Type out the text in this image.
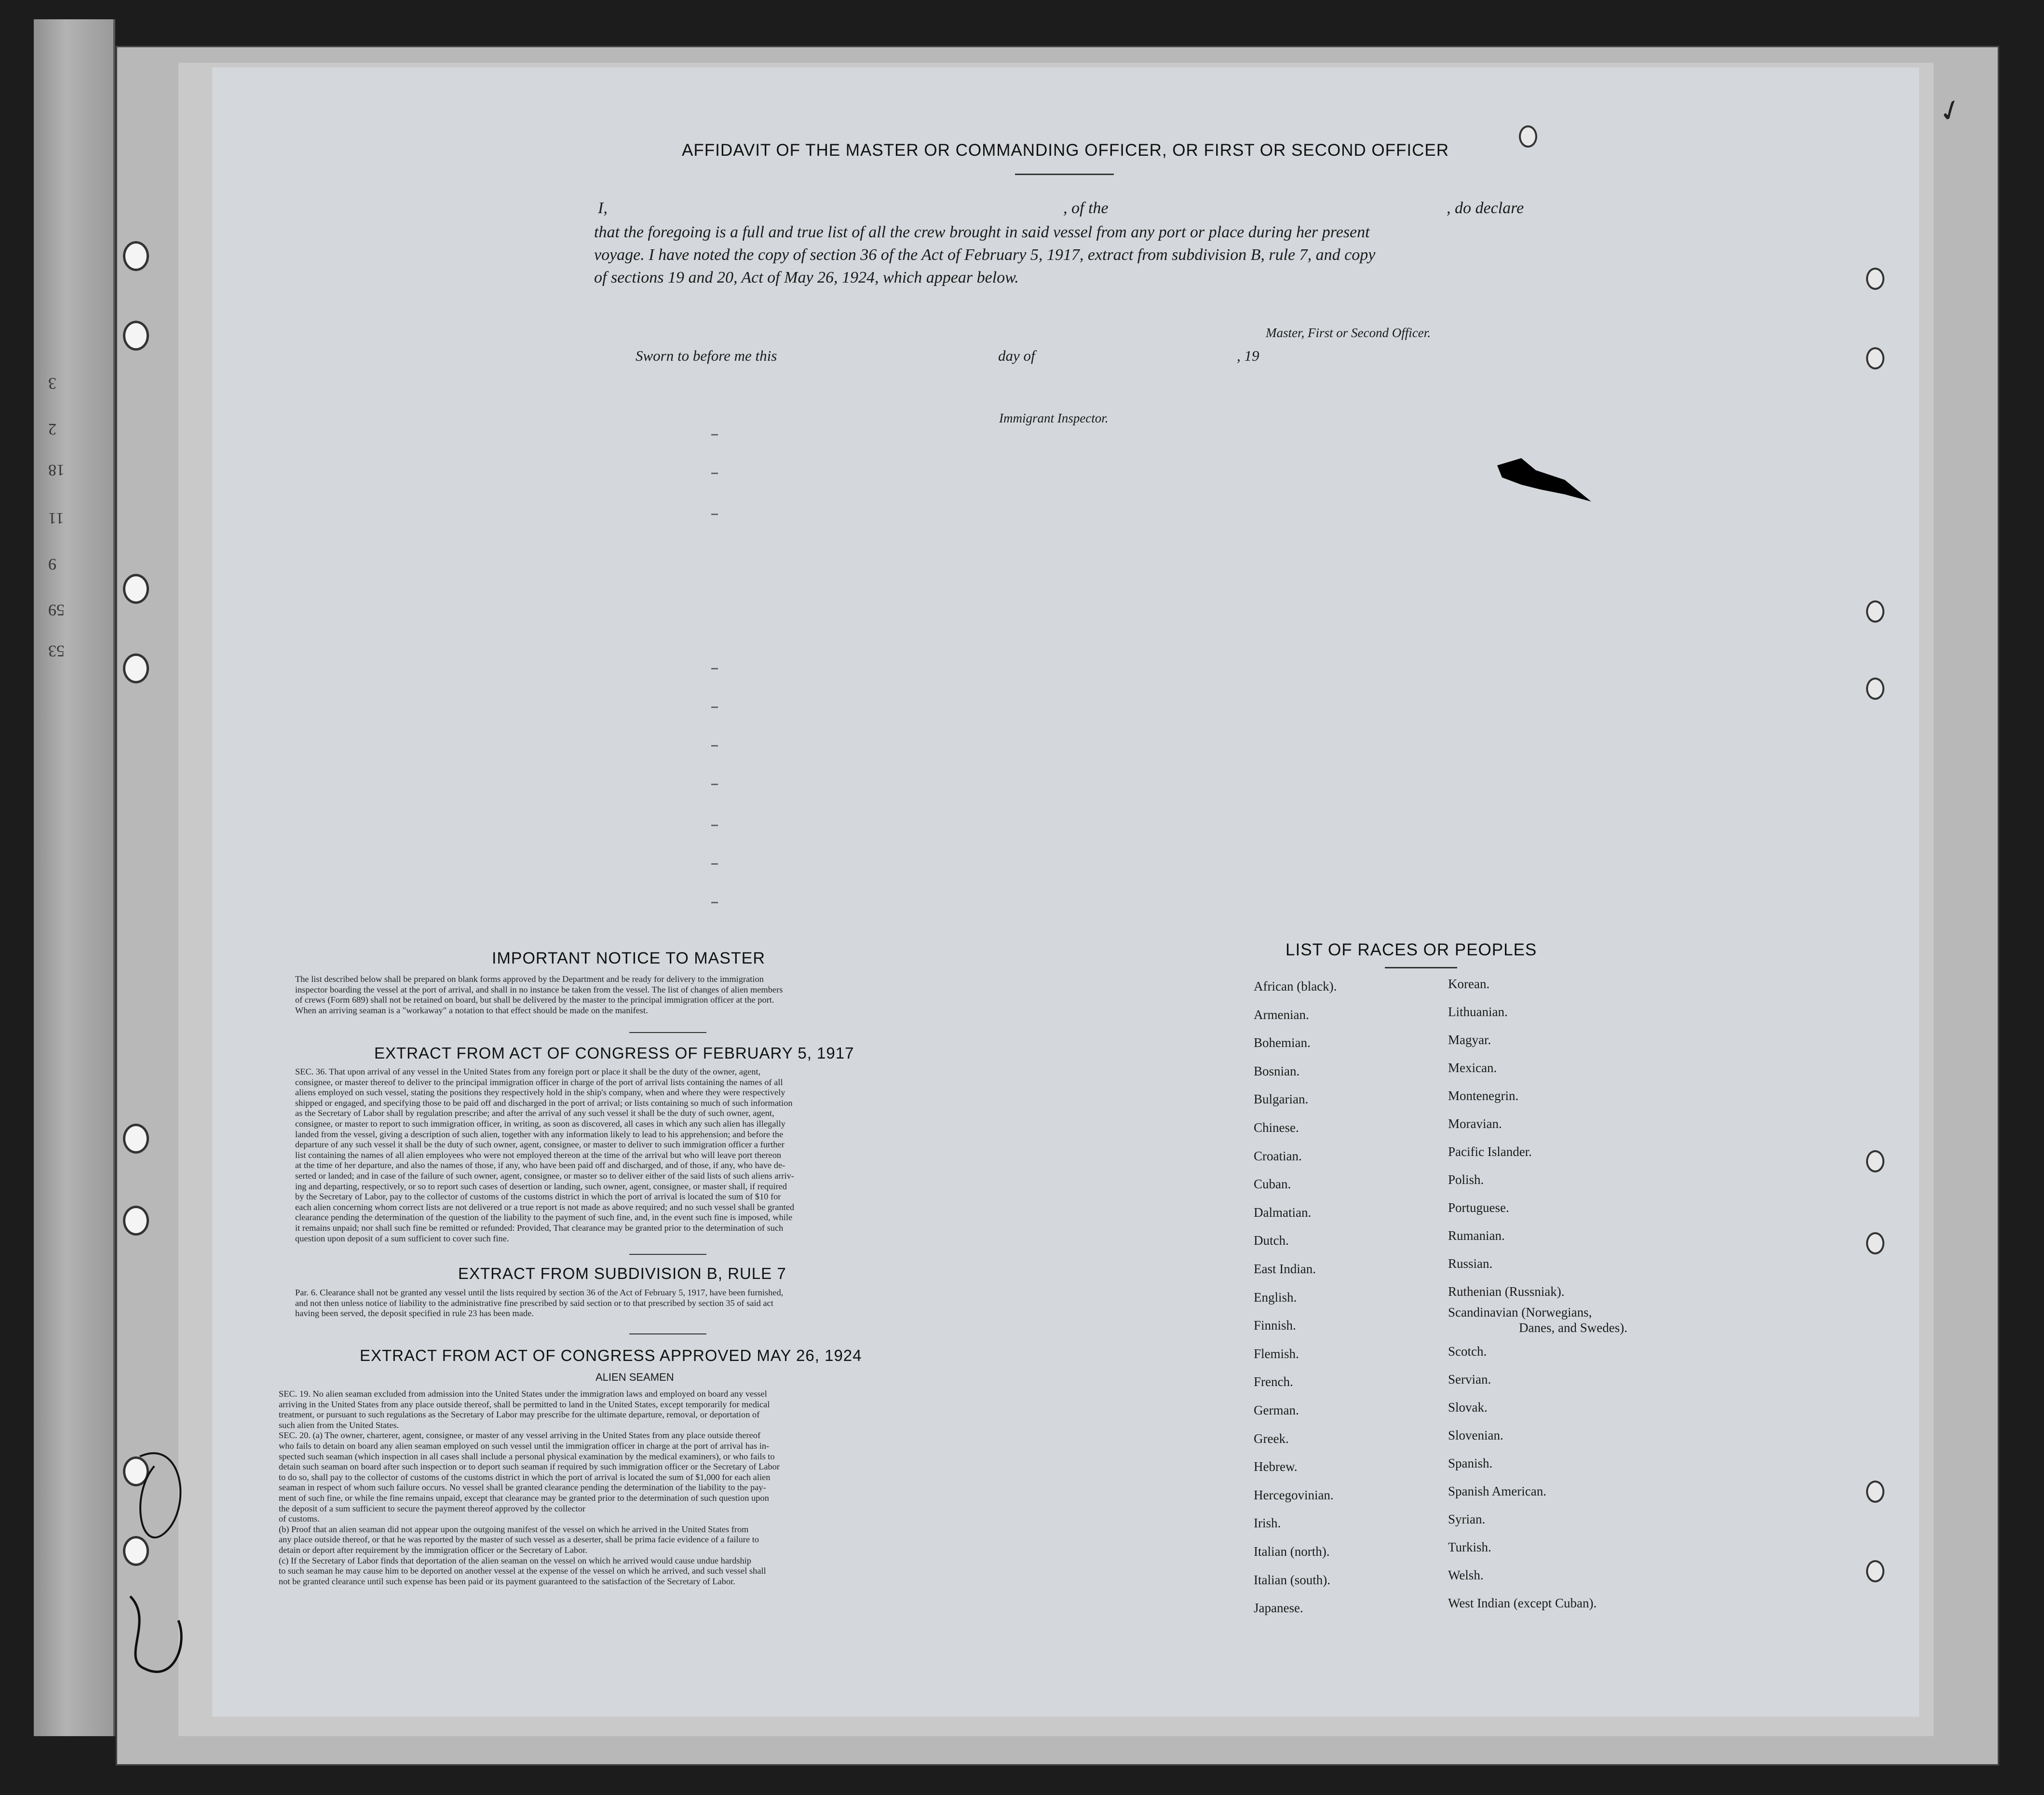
3
2
18
11
9
59
53
✓
AFFIDAVIT OF THE MASTER OR COMMANDING OFFICER, OR FIRST OR SECOND OFFICER
I,	, of the	, do declare
that the foregoing is a full and true list of all the crew brought in said vessel from any port or place during her present
voyage. I have noted the copy of section 36 of the Act of February 5, 1917, extract from subdivision B, rule 7, and copy
of sections 19 and 20, Act of May 26, 1924, which appear below.
Master, First or Second Officer.
Sworn to before me this	day of	, 19
Immigrant Inspector.
IMPORTANT NOTICE TO MASTER
The list described below shall be prepared on blank forms approved by the Department and be ready for delivery to the immigration
inspector boarding the vessel at the port of arrival, and shall in no instance be taken from the vessel. The list of changes of alien members
of crews (Form 689) shall not be retained on board, but shall be delivered by the master to the principal immigration officer at the port.
When an arriving seaman is a "workaway" a notation to that effect should be made on the manifest.
EXTRACT FROM ACT OF CONGRESS OF FEBRUARY 5, 1917
SEC. 36. That upon arrival of any vessel in the United States from any foreign port or place it shall be the duty of the owner, agent,
consignee, or master thereof to deliver to the principal immigration officer in charge of the port of arrival lists containing the names of all
aliens employed on such vessel, stating the positions they respectively hold in the ship's company, when and where they were respectively
shipped or engaged, and specifying those to be paid off and discharged in the port of arrival; or lists containing so much of such information
as the Secretary of Labor shall by regulation prescribe; and after the arrival of any such vessel it shall be the duty of such owner, agent,
consignee, or master to report to such immigration officer, in writing, as soon as discovered, all cases in which any such alien has illegally
landed from the vessel, giving a description of such alien, together with any information likely to lead to his apprehension; and before the
departure of any such vessel it shall be the duty of such owner, agent, consignee, or master to deliver to such immigration officer a further
list containing the names of all alien employees who were not employed thereon at the time of the arrival but who will leave port thereon
at the time of her departure, and also the names of those, if any, who have been paid off and discharged, and of those, if any, who have de-
serted or landed; and in case of the failure of such owner, agent, consignee, or master so to deliver either of the said lists of such aliens arriv-
ing and departing, respectively, or so to report such cases of desertion or landing, such owner, agent, consignee, or master shall, if required
by the Secretary of Labor, pay to the collector of customs of the customs district in which the port of arrival is located the sum of $10 for
each alien concerning whom correct lists are not delivered or a true report is not made as above required; and no such vessel shall be granted
clearance pending the determination of the question of the liability to the payment of such fine, and, in the event such fine is imposed, while
it remains unpaid; nor shall such fine be remitted or refunded: Provided, That clearance may be granted prior to the determination of such
question upon deposit of a sum sufficient to cover such fine.
EXTRACT FROM SUBDIVISION B, RULE 7
Par. 6. Clearance shall not be granted any vessel until the lists required by section 36 of the Act of February 5, 1917, have been furnished,
and not then unless notice of liability to the administrative fine prescribed by said section or to that prescribed by section 35 of said act
having been served, the deposit specified in rule 23 has been made.
EXTRACT FROM ACT OF CONGRESS APPROVED MAY 26, 1924
ALIEN SEAMEN
SEC. 19. No alien seaman excluded from admission into the United States under the immigration laws and employed on board any vessel
arriving in the United States from any place outside thereof, shall be permitted to land in the United States, except temporarily for medical
treatment, or pursuant to such regulations as the Secretary of Labor may prescribe for the ultimate departure, removal, or deportation of
such alien from the United States.
SEC. 20. (a) The owner, charterer, agent, consignee, or master of any vessel arriving in the United States from any place outside thereof
who fails to detain on board any alien seaman employed on such vessel until the immigration officer in charge at the port of arrival has in-
spected such seaman (which inspection in all cases shall include a personal physical examination by the medical examiners), or who fails to
detain such seaman on board after such inspection or to deport such seaman if required by such immigration officer or the Secretary of Labor
to do so, shall pay to the collector of customs of the customs district in which the port of arrival is located the sum of $1,000 for each alien
seaman in respect of whom such failure occurs. No vessel shall be granted clearance pending the determination of the liability to the pay-
ment of such fine, or while the fine remains unpaid, except that clearance may be granted prior to the determination of such question upon
the deposit of a sum sufficient to secure the payment thereof approved by the collector
of customs.
(b) Proof that an alien seaman did not appear upon the outgoing manifest of the vessel on which he arrived in the United States from
any place outside thereof, or that he was reported by the master of such vessel as a deserter, shall be prima facie evidence of a failure to
detain or deport after requirement by the immigration officer or the Secretary of Labor.
(c) If the Secretary of Labor finds that deportation of the alien seaman on the vessel on which he arrived would cause undue hardship
to such seaman he may cause him to be deported on another vessel at the expense of the vessel on which he arrived, and such vessel shall
not be granted clearance until such expense has been paid or its payment guaranteed to the satisfaction of the Secretary of Labor.
LIST OF RACES OR PEOPLES
African (black).
Armenian.
Bohemian.
Bosnian.
Bulgarian.
Chinese.
Croatian.
Cuban.
Dalmatian.
Dutch.
East Indian.
English.
Finnish.
Flemish.
French.
German.
Greek.
Hebrew.
Hercegovinian.
Irish.
Italian (north).
Italian (south).
Japanese.
Korean.
Lithuanian.
Magyar.
Mexican.
Montenegrin.
Moravian.
Pacific Islander.
Polish.
Portuguese.
Rumanian.
Russian.
Ruthenian (Russniak).
Scandinavian (Norwegians,
Danes, and Swedes).
Scotch.
Servian.
Slovak.
Slovenian.
Spanish.
Spanish American.
Syrian.
Turkish.
Welsh.
West Indian (except Cuban).
